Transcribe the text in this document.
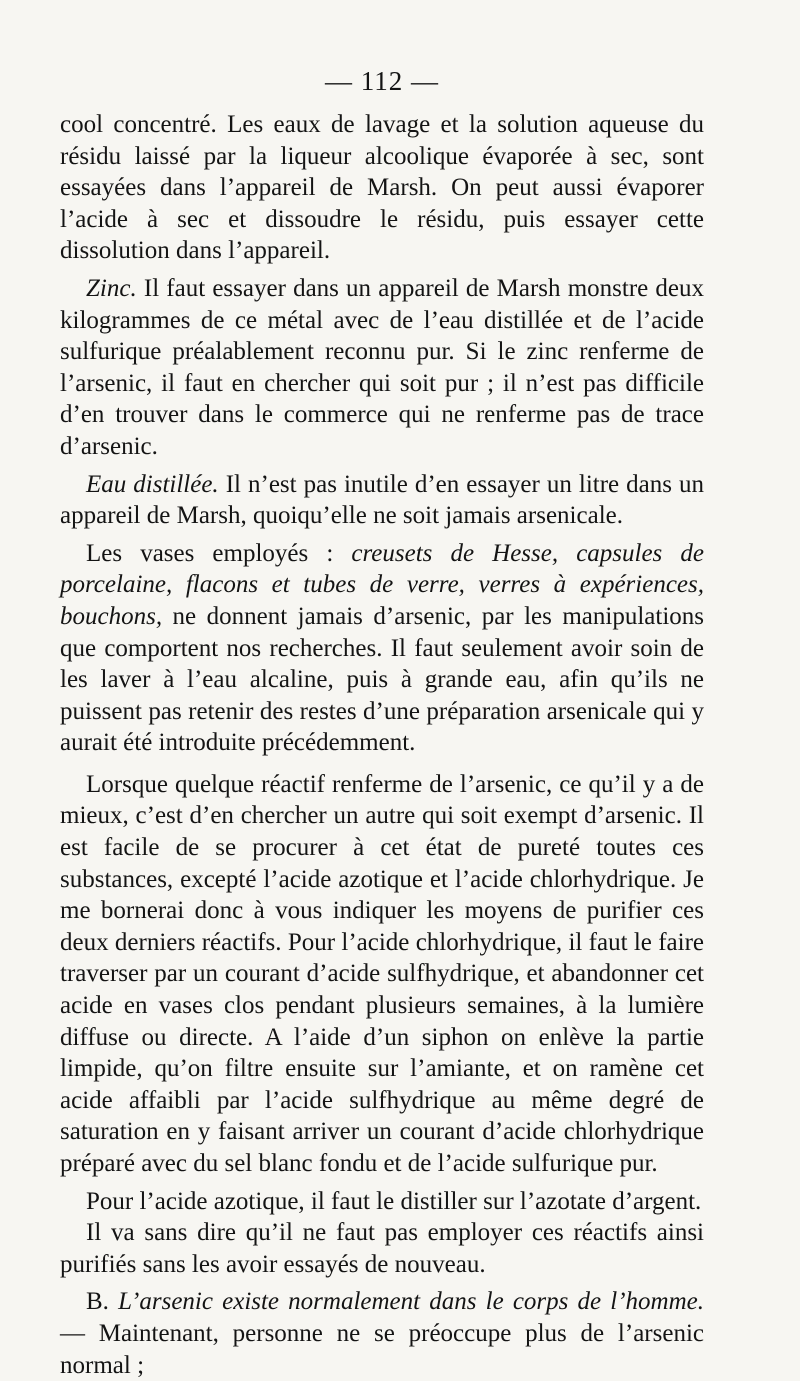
— 112 —

cool concentré. Les eaux de lavage et la solution aqueuse du résidu laissé par la liqueur alcoolique évaporée à sec, sont essayées dans l’appareil de Marsh. On peut aussi évaporer l’acide à sec et dissoudre le résidu, puis essayer cette dissolution dans l’appareil.

Zinc. Il faut essayer dans un appareil de Marsh monstre deux kilogrammes de ce métal avec de l’eau distillée et de l’acide sulfurique préalablement reconnu pur. Si le zinc renferme de l’arsenic, il faut en chercher qui soit pur ; il n’est pas difficile d’en trouver dans le commerce qui ne renferme pas de trace d’arsenic.

Eau distillée. Il n’est pas inutile d’en essayer un litre dans un appareil de Marsh, quoiqu’elle ne soit jamais arsenicale.

Les vases employés : creusets de Hesse, capsules de porcelaine, flacons et tubes de verre, verres à expériences, bouchons, ne donnent jamais d’arsenic, par les manipulations que comportent nos recherches. Il faut seulement avoir soin de les laver à l’eau alcaline, puis à grande eau, afin qu’ils ne puissent pas retenir des restes d’une préparation arsenicale qui y aurait été introduite précédemment.

Lorsque quelque réactif renferme de l’arsenic, ce qu’il y a de mieux, c’est d’en chercher un autre qui soit exempt d’arsenic. Il est facile de se procurer à cet état de pureté toutes ces substances, excepté l’acide azotique et l’acide chlorhydrique. Je me bornerai donc à vous indiquer les moyens de purifier ces deux derniers réactifs. Pour l’acide chlorhydrique, il faut le faire traverser par un courant d’acide sulfhydrique, et abandonner cet acide en vases clos pendant plusieurs semaines, à la lumière diffuse ou directe. A l’aide d’un siphon on enlève la partie limpide, qu’on filtre ensuite sur l’amiante, et on ramène cet acide affaibli par l’acide sulfhydrique au même degré de saturation en y faisant arriver un courant d’acide chlorhydrique préparé avec du sel blanc fondu et de l’acide sulfurique pur.

Pour l’acide azotique, il faut le distiller sur l’azotate d’argent.

Il va sans dire qu’il ne faut pas employer ces réactifs ainsi purifiés sans les avoir essayés de nouveau.

B. L’arsenic existe normalement dans le corps de l’homme. — Maintenant, personne ne se préoccupe plus de l’arsenic normal ;
